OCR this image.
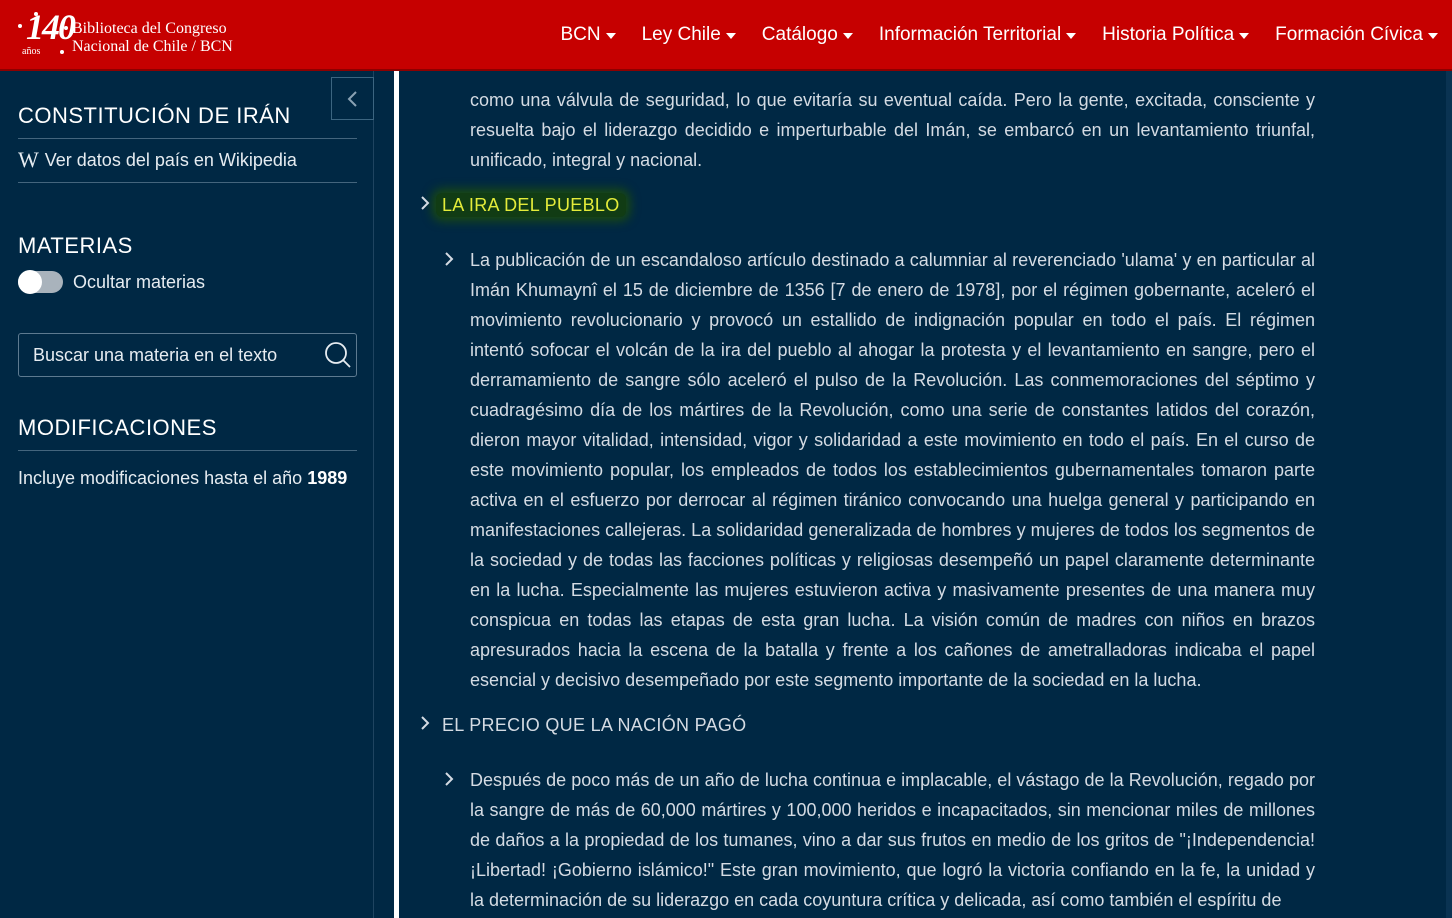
140
años
Biblioteca del Congreso
Nacional de Chile / BCN
BCN Ley Chile Catálogo Información Territorial Historia Política Formación Cívica
CONSTITUCIÓN DE IRÁN
W Ver datos del país en Wikipedia
MATERIAS
Ocultar materias
Buscar una materia en el texto
MODIFICACIONES
Incluye modificaciones hasta el año 1989
como una válvula de seguridad, lo que evitaría su eventual caída. Pero la gente, excitada, consciente y resuelta bajo el liderazgo decidido e imperturbable del Imán, se embarcó en un levantamiento triunfal, unificado, integral y nacional.
LA IRA DEL PUEBLO
La publicación de un escandaloso artículo destinado a calumniar al reverenciado 'ulama' y en particular al Imán Khumaynî el 15 de diciembre de 1356 [7 de enero de 1978], por el régimen gobernante, aceleró el movimiento revolucionario y provocó un estallido de indignación popular en todo el país. El régimen intentó sofocar el volcán de la ira del pueblo al ahogar la protesta y el levantamiento en sangre, pero el derramamiento de sangre sólo aceleró el pulso de la Revolución. Las conmemoraciones del séptimo y cuadragésimo día de los mártires de la Revolución, como una serie de constantes latidos del corazón, dieron mayor vitalidad, intensidad, vigor y solidaridad a este movimiento en todo el país. En el curso de este movimiento popular, los empleados de todos los establecimientos gubernamentales tomaron parte activa en el esfuerzo por derrocar al régimen tiránico convocando una huelga general y participando en manifestaciones callejeras. La solidaridad generalizada de hombres y mujeres de todos los segmentos de la sociedad y de todas las facciones políticas y religiosas desempeñó un papel claramente determinante en la lucha. Especialmente las mujeres estuvieron activa y masivamente presentes de una manera muy conspicua en todas las etapas de esta gran lucha. La visión común de madres con niños en brazos apresurados hacia la escena de la batalla y frente a los cañones de ametralladoras indicaba el papel esencial y decisivo desempeñado por este segmento importante de la sociedad en la lucha.
EL PRECIO QUE LA NACIÓN PAGÓ
Después de poco más de un año de lucha continua e implacable, el vástago de la Revolución, regado por la sangre de más de 60,000 mártires y 100,000 heridos e incapacitados, sin mencionar miles de millones de daños a la propiedad de los tumanes, vino a dar sus frutos en medio de los gritos de "¡Independencia! ¡Libertad! ¡Gobierno islámico!" Este gran movimiento, que logró la victoria confiando en la fe, la unidad y la determinación de su liderazgo en cada coyuntura crítica y delicada, así como también el espíritu de
